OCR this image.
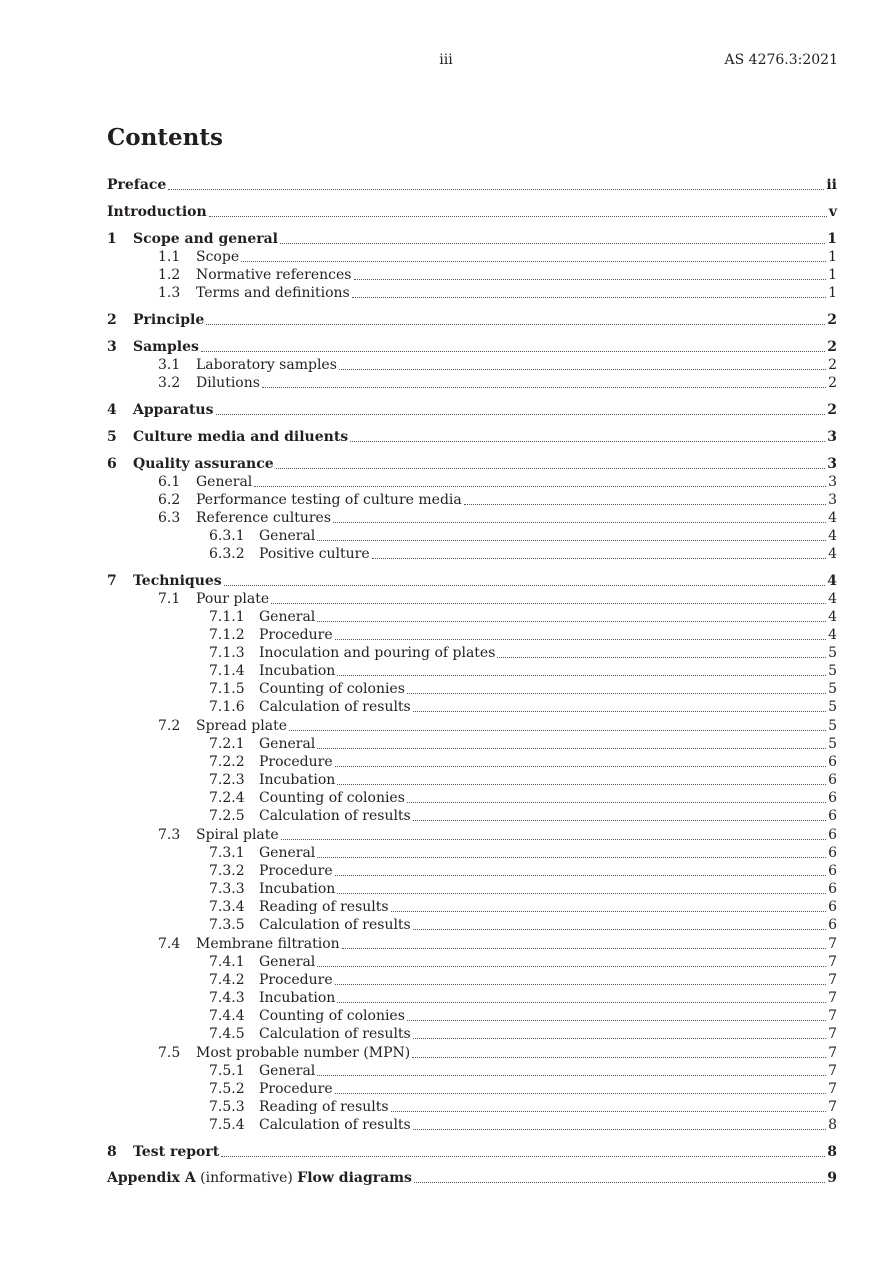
iii	AS 4276.3:2021
Contents
Preface	ii
Introduction	v
1	Scope and general	1
1.1	Scope	1
1.2	Normative references	1
1.3	Terms and definitions	1
2	Principle	2
3	Samples	2
3.1	Laboratory samples	2
3.2	Dilutions	2
4	Apparatus	2
5	Culture media and diluents	3
6	Quality assurance	3
6.1	General	3
6.2	Performance testing of culture media	3
6.3	Reference cultures	4
6.3.1	General	4
6.3.2	Positive culture	4
7	Techniques	4
7.1	Pour plate	4
7.1.1	General	4
7.1.2	Procedure	4
7.1.3	Inoculation and pouring of plates	5
7.1.4	Incubation	5
7.1.5	Counting of colonies	5
7.1.6	Calculation of results	5
7.2	Spread plate	5
7.2.1	General	5
7.2.2	Procedure	6
7.2.3	Incubation	6
7.2.4	Counting of colonies	6
7.2.5	Calculation of results	6
7.3	Spiral plate	6
7.3.1	General	6
7.3.2	Procedure	6
7.3.3	Incubation	6
7.3.4	Reading of results	6
7.3.5	Calculation of results	6
7.4	Membrane filtration	7
7.4.1	General	7
7.4.2	Procedure	7
7.4.3	Incubation	7
7.4.4	Counting of colonies	7
7.4.5	Calculation of results	7
7.5	Most probable number (MPN)	7
7.5.1	General	7
7.5.2	Procedure	7
7.5.3	Reading of results	7
7.5.4	Calculation of results	8
8	Test report	8
Appendix A (informative) Flow diagrams	9
